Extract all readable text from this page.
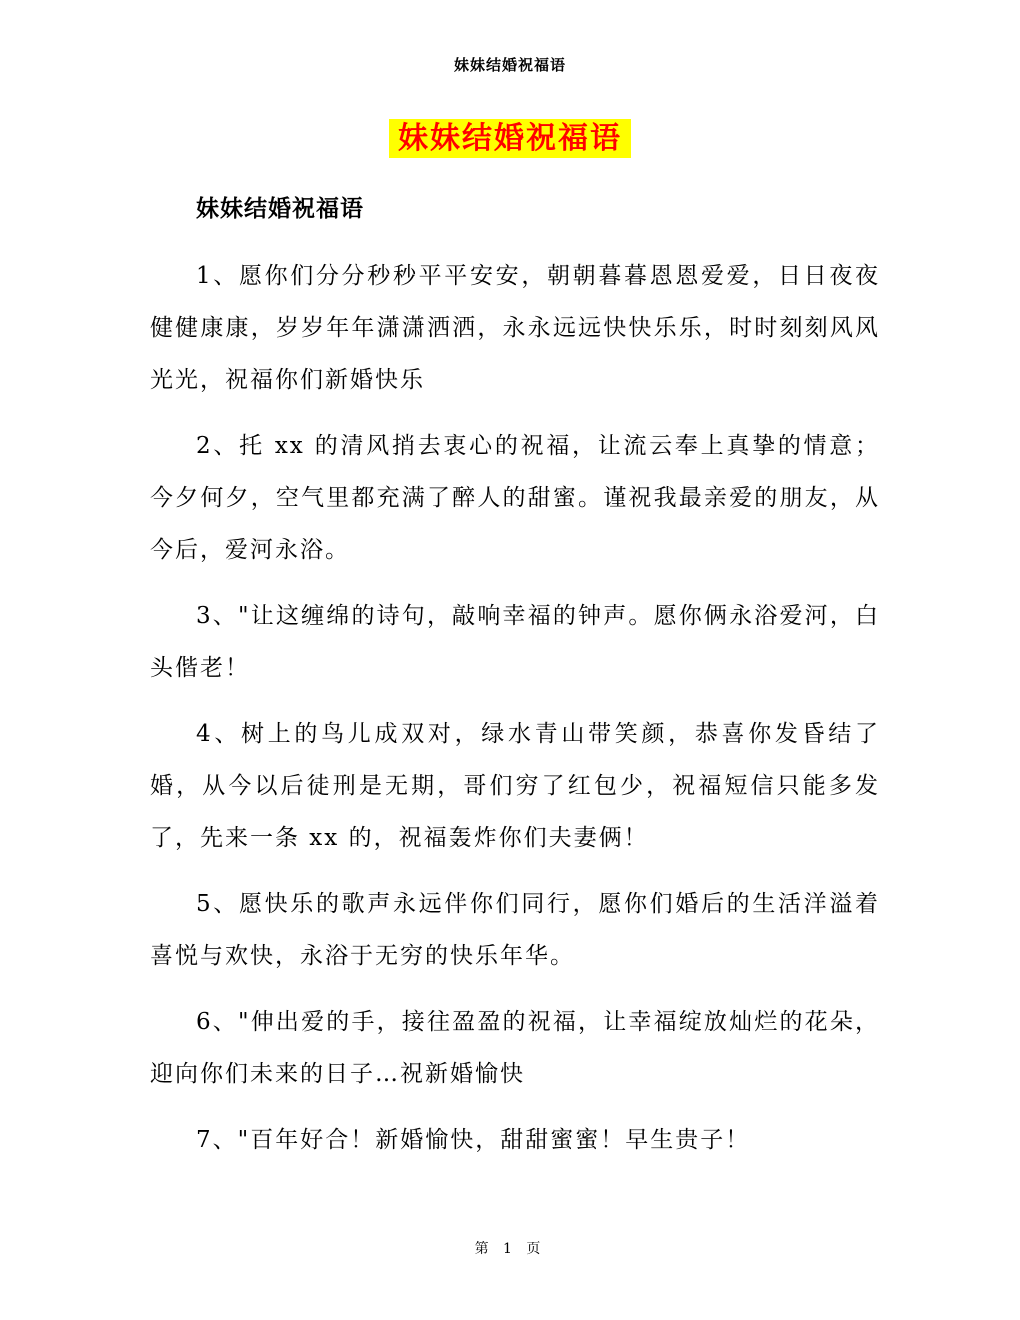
妹妹结婚祝福语
妹妹结婚祝福语
妹妹结婚祝福语

1、愿你们分分秒秒平平安安，朝朝暮暮恩恩爱爱，日日夜夜健健康康，岁岁年年潇潇洒洒，永永远远快快乐乐，时时刻刻风风光光，祝福你们新婚快乐

2、托 xx 的清风捎去衷心的祝福，让流云奉上真挚的情意；今夕何夕，空气里都充满了醉人的甜蜜。谨祝我最亲爱的朋友，从今后，爱河永浴。

3、"让这缠绵的诗句，敲响幸福的钟声。愿你俩永浴爱河，白头偕老！

4、树上的鸟儿成双对，绿水青山带笑颜，恭喜你发昏结了婚，从今以后徒刑是无期，哥们穷了红包少，祝福短信只能多发了，先来一条 xx 的，祝福轰炸你们夫妻俩！

5、愿快乐的歌声永远伴你们同行，愿你们婚后的生活洋溢着喜悦与欢快，永浴于无穷的快乐年华。

6、"伸出爱的手，接往盈盈的祝福，让幸福绽放灿烂的花朵，迎向你们未来的日子…祝新婚愉快

7、"百年好合！新婚愉快，甜甜蜜蜜！早生贵子！

第 1 页
